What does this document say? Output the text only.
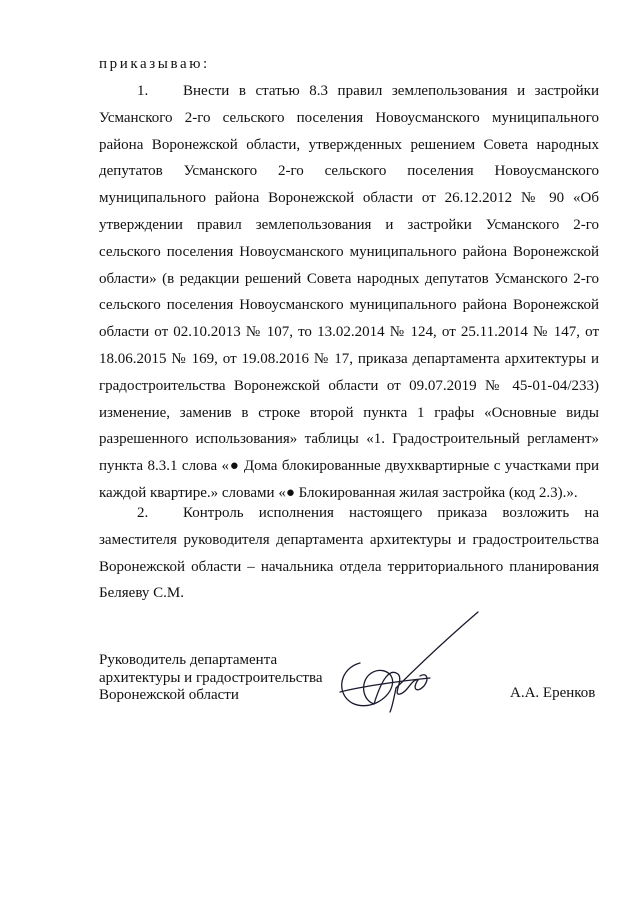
приказываю:

1. Внести в статью 8.3 правил землепользования и застройки Усманского 2-го сельского поселения Новоусманского муниципального района Воронежской области, утвержденных решением Совета народных депутатов Усманского 2-го сельского поселения Новоусманского муниципального района Воронежской области от 26.12.2012 № 90 «Об утверждении правил землепользования и застройки Усманского 2-го сельского поселения Новоусманского муниципального района Воронежской области» (в редакции решений Совета народных депутатов Усманского 2-го сельского поселения Новоусманского муниципального района Воронежской области от 02.10.2013 № 107, то 13.02.2014 № 124, от 25.11.2014 № 147, от 18.06.2015 № 169, от 19.08.2016 № 17, приказа департамента архитектуры и градостроительства Воронежской области от 09.07.2019 № 45-01-04/233) изменение, заменив в строке второй пункта 1 графы «Основные виды разрешенного использования» таблицы «1. Градостроительный регламент» пункта 8.3.1 слова «● Дома блокированные двухквартирные с участками при каждой квартире.» словами «● Блокированная жилая застройка (код 2.3).».

2. Контроль исполнения настоящего приказа возложить на заместителя руководителя департамента архитектуры и градостроительства Воронежской области – начальника отдела территориального планирования Беляеву С.М.

Руководитель департамента
архитектуры и градостроительства
Воронежской области	А.А. Еренков
